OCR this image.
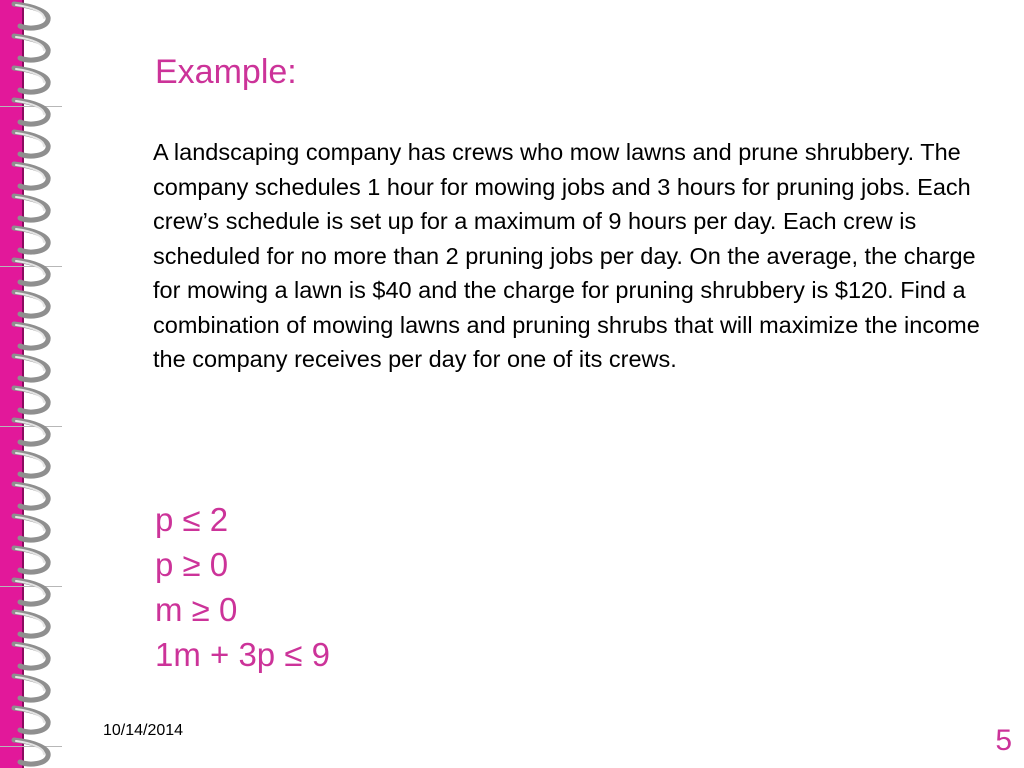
Example:
A landscaping company has crews who mow lawns and prune shrubbery. The company schedules 1 hour for mowing jobs and 3 hours for pruning jobs. Each crew’s schedule is set up for a maximum of 9 hours per day. Each crew is scheduled for no more than 2 pruning jobs per day. On the average, the charge for mowing a lawn is $40 and the charge for pruning shrubbery is $120. Find a combination of mowing lawns and pruning shrubs that will maximize the income the company receives per day for one of its crews.
p ≤ 2
p ≥ 0
m ≥ 0
1m + 3p ≤ 9
10/14/2014	5
